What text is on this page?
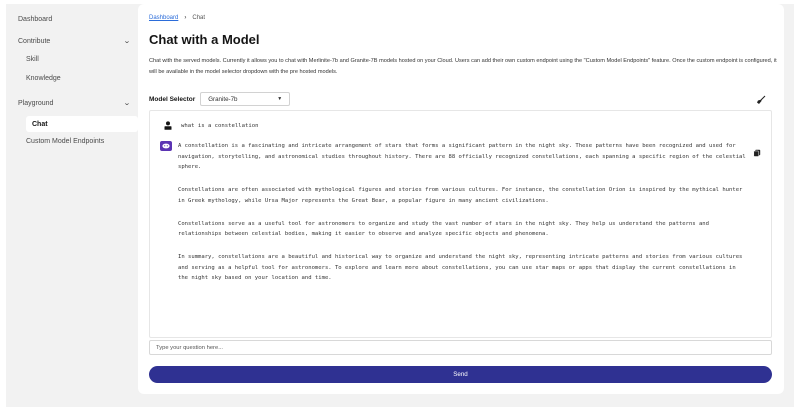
Dashboard
Contribute	⌄
Skill
Knowledge
Playground	⌄
Chat
Custom Model Endpoints
Dashboard › Chat
Chat with a Model

Chat with the served models. Currently it allows you to chat with Merlinite-7b and Granite-7B models hosted on your Cloud. Users can add their own custom endpoint using the "Custom Model Endpoints" feature. Once the custom endpoint is configured, it will be available in the model selector dropdown with the pre hosted models.

Model Selector Granite-7b	▼
what is a constellation

A constellation is a fascinating and intricate arrangement of stars that forms a significant pattern in the night sky. These patterns have been recognized and used for navigation, storytelling, and astronomical studies throughout history. There are 88 officially recognized constellations, each spanning a specific region of the celestial sphere.

Constellations are often associated with mythological figures and stories from various cultures. For instance, the constellation Orion is inspired by the mythical hunter in Greek mythology, while Ursa Major represents the Great Bear, a popular figure in many ancient civilizations.

Constellations serve as a useful tool for astronomers to organize and study the vast number of stars in the night sky. They help us understand the patterns and relationships between celestial bodies, making it easier to observe and analyze specific objects and phenomena.

In summary, constellations are a beautiful and historical way to organize and understand the night sky, representing intricate patterns and stories from various cultures and serving as a helpful tool for astronomers. To explore and learn more about constellations, you can use star maps or apps that display the current constellations in the night sky based on your location and time.

Type your question here...
Send
